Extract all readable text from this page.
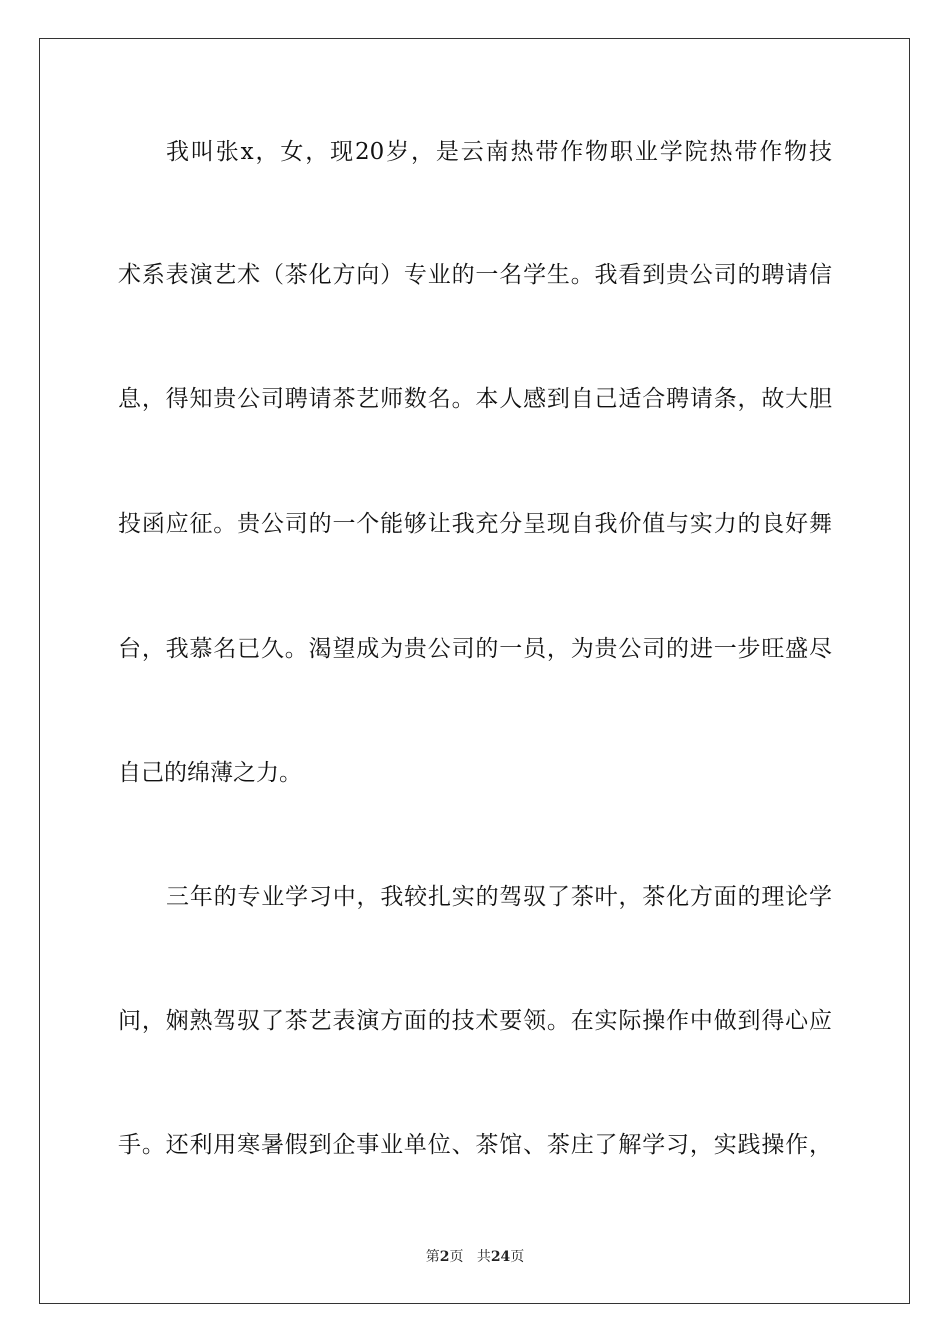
我叫张x，女，现20岁，是云南热带作物职业学院热带作物技
术系表演艺术（茶化方向）专业的一名学生。我看到贵公司的聘请信
息，得知贵公司聘请茶艺师数名。本人感到自己适合聘请条，故大胆
投函应征。贵公司的一个能够让我充分呈现自我价值与实力的良好舞
台，我慕名已久。渴望成为贵公司的一员，为贵公司的进一步旺盛尽
自己的绵薄之力。
三年的专业学习中，我较扎实的驾驭了茶叶，茶化方面的理论学
问，娴熟驾驭了茶艺表演方面的技术要领。在实际操作中做到得心应
手。还利用寒暑假到企事业单位、茶馆、茶庄了解学习，实践操作，
第2页 共24页
